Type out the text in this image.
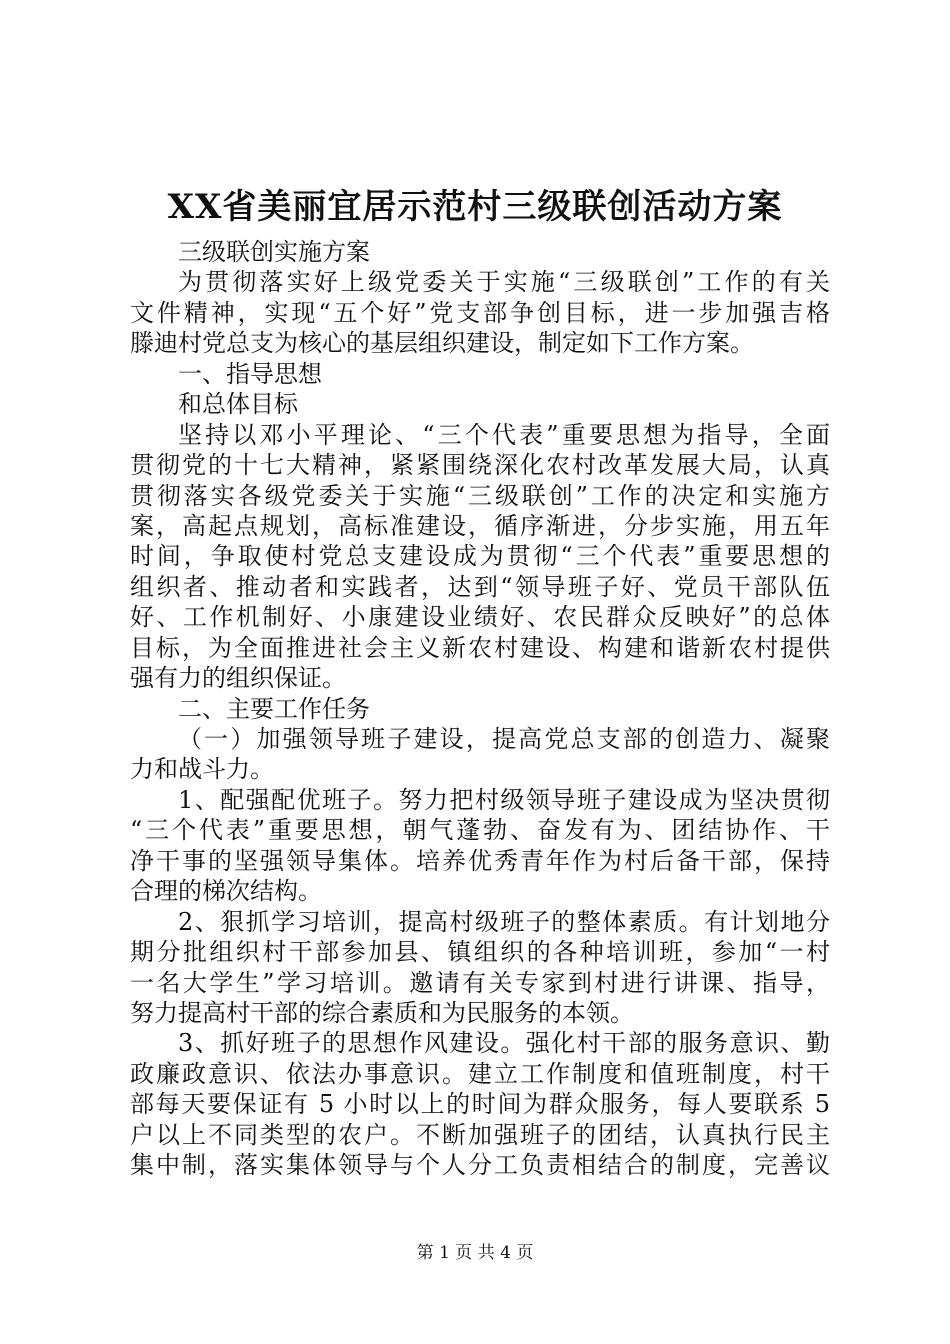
XX省美丽宜居示范村三级联创活动方案
三级联创实施方案
为贯彻落实好上级党委关于实施“三级联创”工作的有关
文件精神，实现“五个好”党支部争创目标，进一步加强吉格
滕迪村党总支为核心的基层组织建设，制定如下工作方案。
一、指导思想
和总体目标
坚持以邓小平理论、“三个代表”重要思想为指导，全面
贯彻党的十七大精神，紧紧围绕深化农村改革发展大局，认真
贯彻落实各级党委关于实施“三级联创”工作的决定和实施方
案，高起点规划，高标准建设，循序渐进，分步实施，用五年
时间，争取使村党总支建设成为贯彻“三个代表”重要思想的
组织者、推动者和实践者，达到“领导班子好、党员干部队伍
好、工作机制好、小康建设业绩好、农民群众反映好”的总体
目标，为全面推进社会主义新农村建设、构建和谐新农村提供
强有力的组织保证。
二、主要工作任务
（一）加强领导班子建设，提高党总支部的创造力、凝聚
力和战斗力。
1、配强配优班子。努力把村级领导班子建设成为坚决贯彻
“三个代表”重要思想，朝气蓬勃、奋发有为、团结协作、干
净干事的坚强领导集体。培养优秀青年作为村后备干部，保持
合理的梯次结构。
2、狠抓学习培训，提高村级班子的整体素质。有计划地分
期分批组织村干部参加县、镇组织的各种培训班，参加“一村
一名大学生”学习培训。邀请有关专家到村进行讲课、指导，
努力提高村干部的综合素质和为民服务的本领。
3、抓好班子的思想作风建设。强化村干部的服务意识、勤
政廉政意识、依法办事意识。建立工作制度和值班制度，村干
部每天要保证有 5 小时以上的时间为群众服务，每人要联系 5
户以上不同类型的农户。不断加强班子的团结，认真执行民主
集中制，落实集体领导与个人分工负责相结合的制度，完善议
第 1 页 共 4 页
